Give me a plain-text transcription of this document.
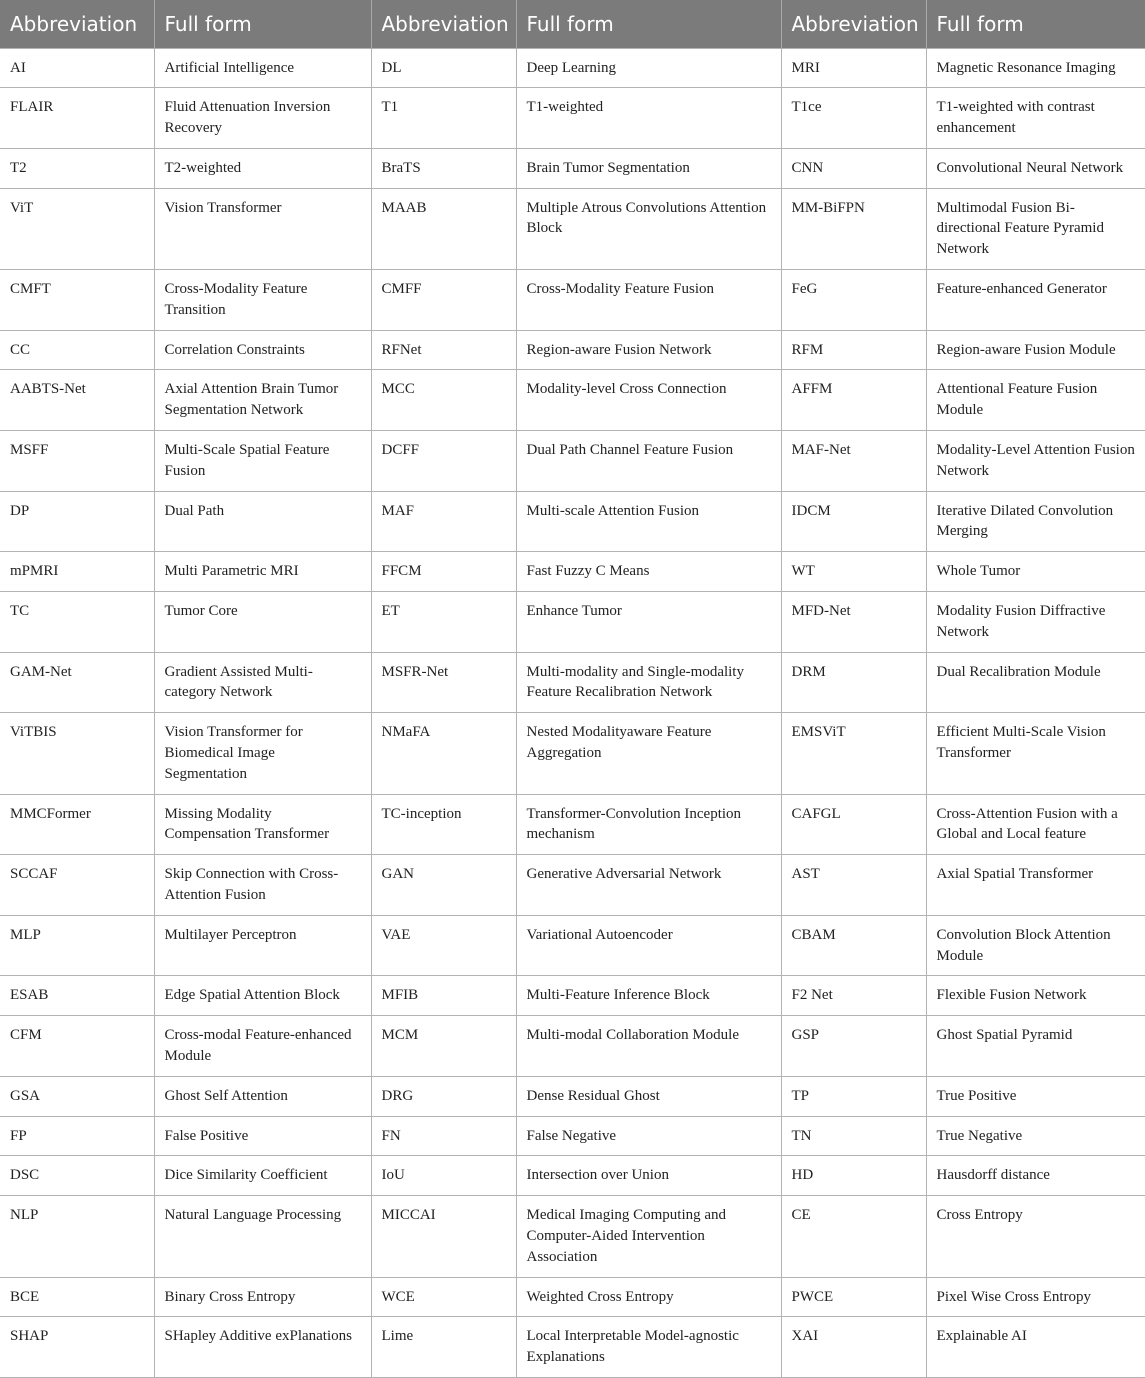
Abbreviation	Full form	Abbreviation	Full form	Abbreviation	Full form
AI	Artificial Intelligence	DL	Deep Learning	MRI	Magnetic Resonance Imaging
FLAIR	Fluid Attenuation Inversion Recovery	T1	T1-weighted	T1ce	T1-weighted with contrast enhancement
T2	T2-weighted	BraTS	Brain Tumor Segmentation	CNN	Convolutional Neural Network
ViT	Vision Transformer	MAAB	Multiple Atrous Convolutions Attention Block	MM-BiFPN	Multimodal Fusion Bi-directional Feature Pyramid Network
CMFT	Cross-Modality Feature Transition	CMFF	Cross-Modality Feature Fusion	FeG	Feature-enhanced Generator
CC	Correlation Constraints	RFNet	Region-aware Fusion Network	RFM	Region-aware Fusion Module
AABTS-Net	Axial Attention Brain Tumor Segmentation Network	MCC	Modality-level Cross Connection	AFFM	Attentional Feature Fusion Module
MSFF	Multi-Scale Spatial Feature Fusion	DCFF	Dual Path Channel Feature Fusion	MAF-Net	Modality-Level Attention Fusion Network
DP	Dual Path	MAF	Multi-scale Attention Fusion	IDCM	Iterative Dilated Convolution Merging
mPMRI	Multi Parametric MRI	FFCM	Fast Fuzzy C Means	WT	Whole Tumor
TC	Tumor Core	ET	Enhance Tumor	MFD-Net	Modality Fusion Diffractive Network
GAM-Net	Gradient Assisted Multi-category Network	MSFR-Net	Multi-modality and Single-modality Feature Recalibration Network	DRM	Dual Recalibration Module
ViTBIS	Vision Transformer for Biomedical Image Segmentation	NMaFA	Nested Modalityaware Feature Aggregation	EMSViT	Efficient Multi-Scale Vision Transformer
MMCFormer	Missing Modality Compensation Transformer	TC-inception	Transformer-Convolution Inception mechanism	CAFGL	Cross-Attention Fusion with a Global and Local feature
SCCAF	Skip Connection with Cross-Attention Fusion	GAN	Generative Adversarial Network	AST	Axial Spatial Transformer
MLP	Multilayer Perceptron	VAE	Variational Autoencoder	CBAM	Convolution Block Attention Module
ESAB	Edge Spatial Attention Block	MFIB	Multi-Feature Inference Block	F2 Net	Flexible Fusion Network
CFM	Cross-modal Feature-enhanced Module	MCM	Multi-modal Collaboration Module	GSP	Ghost Spatial Pyramid
GSA	Ghost Self Attention	DRG	Dense Residual Ghost	TP	True Positive
FP	False Positive	FN	False Negative	TN	True Negative
DSC	Dice Similarity Coefficient	IoU	Intersection over Union	HD	Hausdorff distance
NLP	Natural Language Processing	MICCAI	Medical Imaging Computing and Computer-Aided Intervention Association	CE	Cross Entropy
BCE	Binary Cross Entropy	WCE	Weighted Cross Entropy	PWCE	Pixel Wise Cross Entropy
SHAP	SHapley Additive exPlanations	Lime	Local Interpretable Model-agnostic Explanations	XAI	Explainable AI
